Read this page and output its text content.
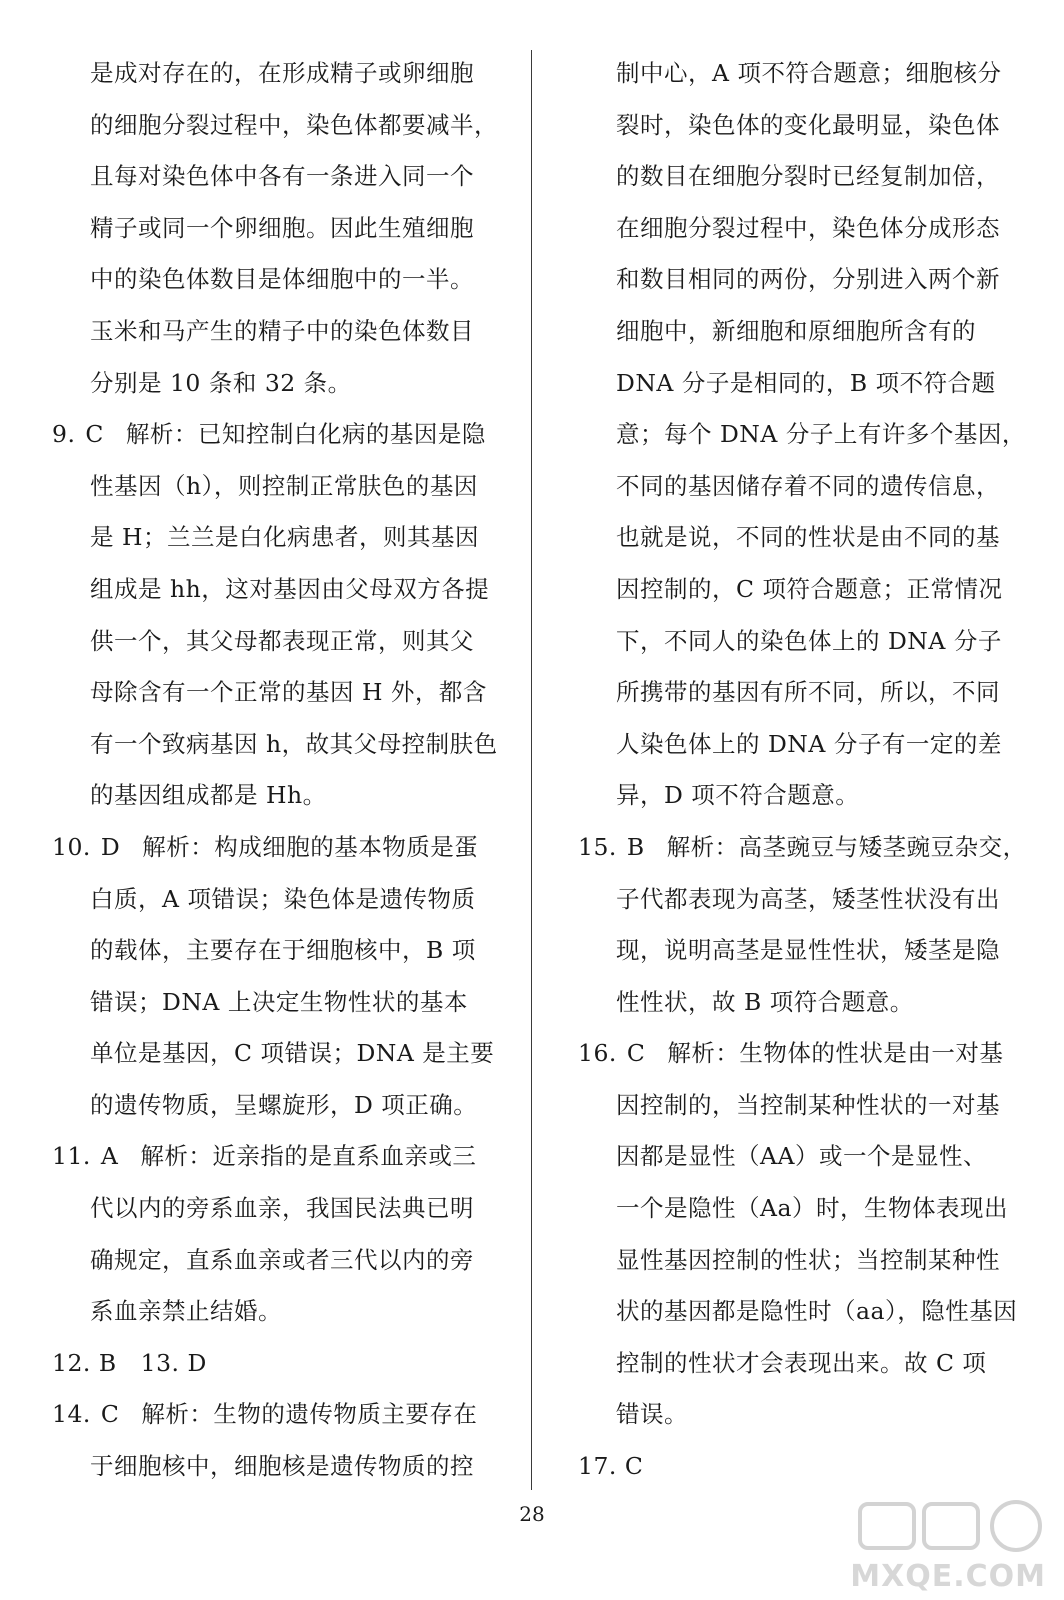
是成对存在的，在形成精子或卵细胞
的细胞分裂过程中，染色体都要减半，
且每对染色体中各有一条进入同一个
精子或同一个卵细胞。因此生殖细胞
中的染色体数目是体细胞中的一半。
玉米和马产生的精子中的染色体数目
分别是 10 条和 32 条。
9. C 解析：已知控制白化病的基因是隐
性基因（h），则控制正常肤色的基因
是 H；兰兰是白化病患者，则其基因
组成是 hh，这对基因由父母双方各提
供一个，其父母都表现正常，则其父
母除含有一个正常的基因 H 外，都含
有一个致病基因 h，故其父母控制肤色
的基因组成都是 Hh。
10. D 解析：构成细胞的基本物质是蛋
白质，A 项错误；染色体是遗传物质
的载体，主要存在于细胞核中，B 项
错误；DNA 上决定生物性状的基本
单位是基因，C 项错误；DNA 是主要
的遗传物质，呈螺旋形，D 项正确。
11. A 解析：近亲指的是直系血亲或三
代以内的旁系血亲，我国民法典已明
确规定，直系血亲或者三代以内的旁
系血亲禁止结婚。
12. B　13. D
14. C 解析：生物的遗传物质主要存在
于细胞核中，细胞核是遗传物质的控
制中心，A 项不符合题意；细胞核分
裂时，染色体的变化最明显，染色体
的数目在细胞分裂时已经复制加倍，
在细胞分裂过程中，染色体分成形态
和数目相同的两份，分别进入两个新
细胞中，新细胞和原细胞所含有的
DNA 分子是相同的，B 项不符合题
意；每个 DNA 分子上有许多个基因，
不同的基因储存着不同的遗传信息，
也就是说，不同的性状是由不同的基
因控制的，C 项符合题意；正常情况
下，不同人的染色体上的 DNA 分子
所携带的基因有所不同，所以，不同
人染色体上的 DNA 分子有一定的差
异，D 项不符合题意。
15. B 解析：高茎豌豆与矮茎豌豆杂交，
子代都表现为高茎，矮茎性状没有出
现，说明高茎是显性性状，矮茎是隐
性性状，故 B 项符合题意。
16. C 解析：生物体的性状是由一对基
因控制的，当控制某种性状的一对基
因都是显性（AA）或一个是显性、
一个是隐性（Aa）时，生物体表现出
显性基因控制的性状；当控制某种性
状的基因都是隐性时（aa），隐性基因
控制的性状才会表现出来。故 C 项
错误。
17. C
28
MXQE.COM
